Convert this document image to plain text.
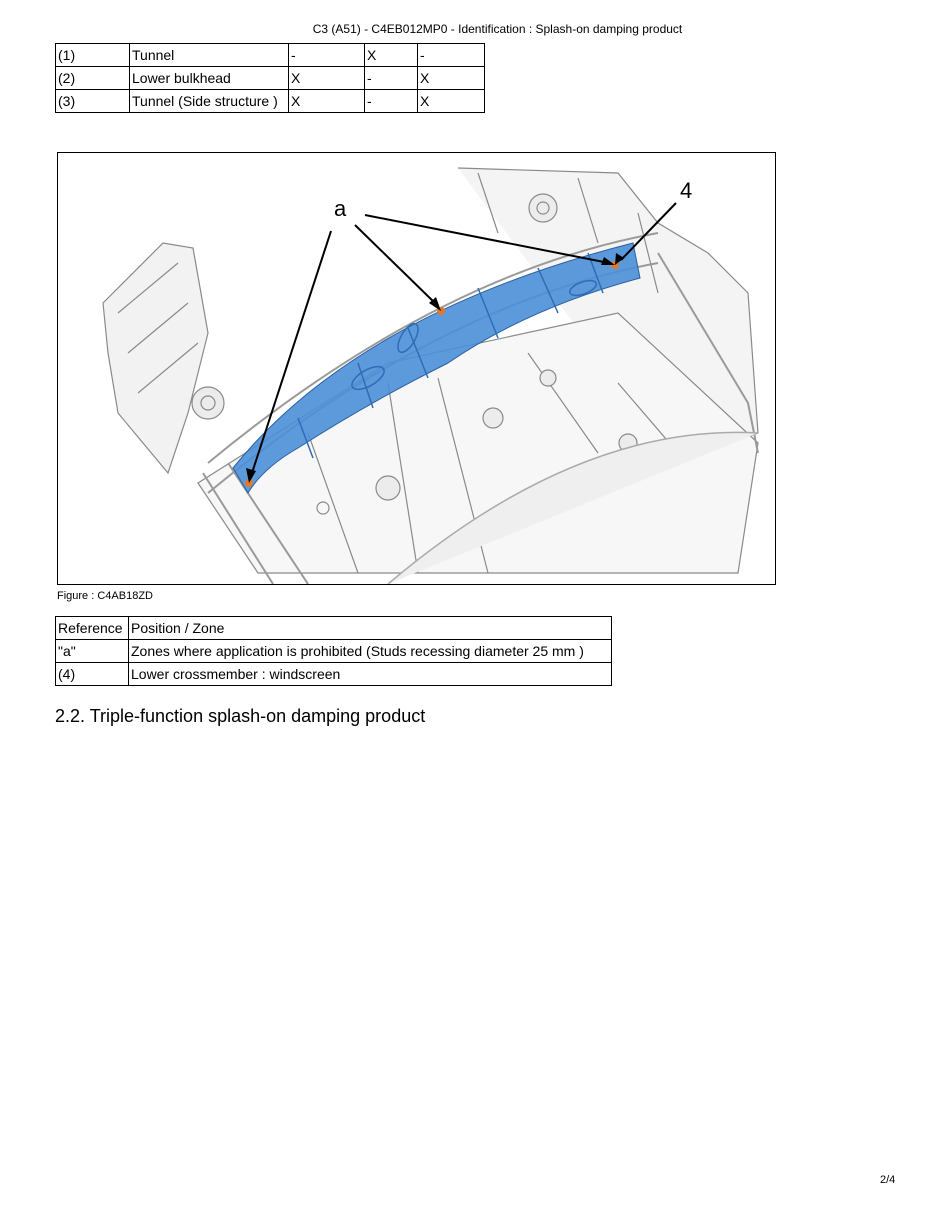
C3 (A51) - C4EB012MP0 - Identification : Splash-on damping product
(1)	Tunnel	-	X	-
(2)	Lower bulkhead	X	-	X
(3)	Tunnel (Side structure )	X	-	X
a
4
Figure : C4AB18ZD
Reference	Position / Zone
"a"	Zones where application is prohibited (Studs recessing diameter 25 mm )
(4)	Lower crossmember : windscreen
2.2. Triple-function splash-on damping product
2/4
